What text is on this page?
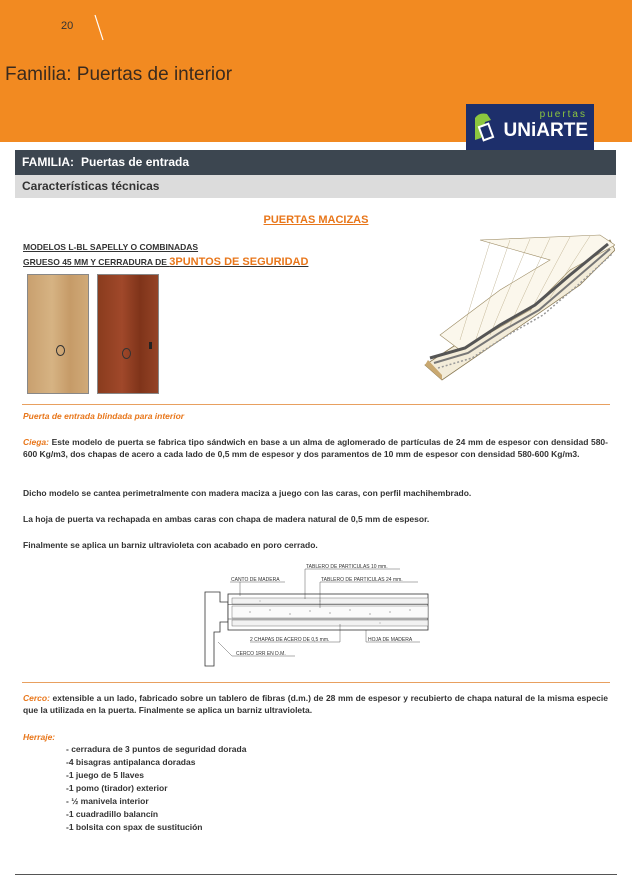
20
Familia: Puertas de interior
puertas
UNiARTE
FAMILIA: Puertas de entrada
Características técnicas
PUERTAS MACIZAS
MODELOS L-BL SAPELLY O COMBINADAS
GRUESO 45 MM Y CERRADURA DE 3PUNTOS DE SEGURIDAD
Puerta de entrada blindada para interior
Ciega: Este modelo de puerta se fabrica tipo sándwich en base a un alma de aglomerado de partículas de 24 mm de espesor con densidad 580-600 Kg/m3, dos chapas de acero a cada lado de 0,5 mm de espesor y dos paramentos de 10 mm de espesor con densidad 580-600 Kg/m3.
Dicho modelo se cantea perimetralmente con madera maciza a juego con las caras, con perfil machihembrado.
La hoja de puerta va rechapada en ambas caras con chapa de madera natural de 0,5 mm de espesor.
Finalmente se aplica un barniz ultravioleta con acabado en poro cerrado.
TABLERO DE PARTICULAS 10 mm.
CANTO DE MADERA	TABLERO DE PARTICULAS 24 mm.
2 CHAPAS DE ACERO DE 0,5 mm.	HOJA DE MADERA
CERCO 1RR EN D.M.
Cerco: extensible a un lado, fabricado sobre un tablero de fibras (d.m.) de 28 mm de espesor y recubierto de chapa natural de la misma especie que la utilizada en la puerta. Finalmente se aplica un barniz ultravioleta.
Herraje:
- cerradura de 3 puntos de seguridad dorada
-4 bisagras antipalanca doradas
-1 juego de 5 llaves
-1 pomo (tirador) exterior
- ½ manivela interior
-1 cuadradillo balancín
-1 bolsita con spax de sustitución
